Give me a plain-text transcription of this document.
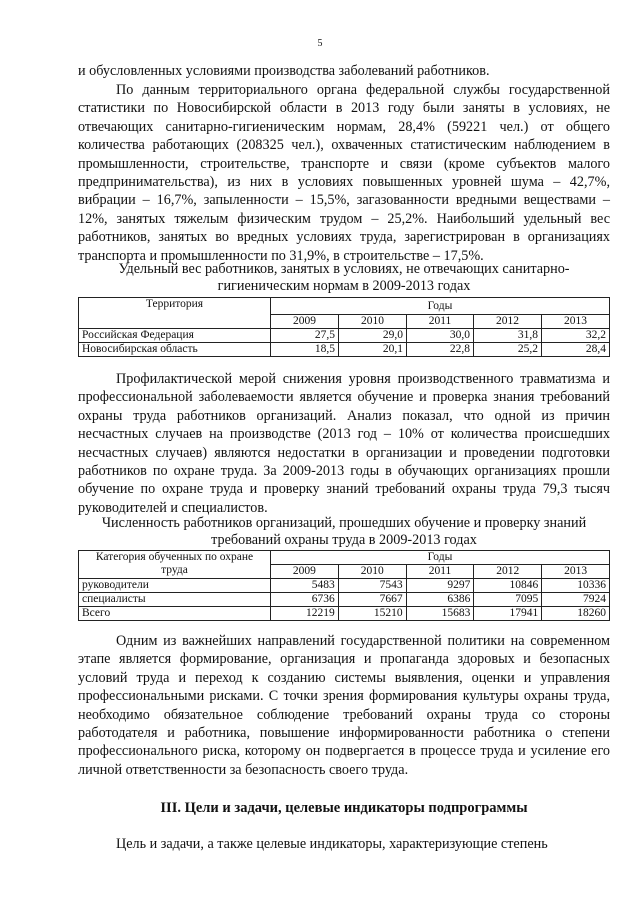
5

и обусловленных условиями производства заболеваний работников.

По данным территориального органа федеральной службы государственной статистики по Новосибирской области в 2013 году были заняты в условиях, не отвечающих санитарно-гигиеническим нормам, 28,4% (59221 чел.) от общего количества работающих (208325 чел.), охваченных статистическим наблюдением в промышленности, строительстве, транспорте и связи (кроме субъектов малого предпринимательства), из них в условиях повышенных уровней шума – 42,7%, вибрации – 16,7%, запыленности – 15,5%, загазованности вредными веществами – 12%, занятых тяжелым физическим трудом – 25,2%. Наибольший удельный вес работников, занятых во вредных условиях труда, зарегистрирован в организациях транспорта и промышленности по 31,9%, в строительстве – 17,5%.

Удельный вес работников, занятых в условиях, не отвечающих санитарно-гигиеническим нормам в 2009-2013 годах

Территория	Годы				
	2009	2010	2011	2012	2013
Российская Федерация	27,5	29,0	30,0	31,8	32,2
Новосибирская область	18,5	20,1	22,8	25,2	28,4

Профилактической мерой снижения уровня производственного травматизма и профессиональной заболеваемости является обучение и проверка знания требований охраны труда работников организаций. Анализ показал, что одной из причин несчастных случаев на производстве (2013 год – 10% от количества происшедших несчастных случаев) являются недостатки в организации и проведении подготовки работников по охране труда. За 2009-2013 годы в обучающих организациях прошли обучение по охране труда и проверку знаний требований охраны труда 79,3 тысяч руководителей и специалистов.

Численность работников организаций, прошедших обучение и проверку знаний требований охраны труда в 2009-2013 годах

Категория обученных по охране труда	Годы				
	2009	2010	2011	2012	2013
руководители	5483	7543	9297	10846	10336
специалисты	6736	7667	6386	7095	7924
Всего	12219	15210	15683	17941	18260

Одним из важнейших направлений государственной политики на современном этапе является формирование, организация и пропаганда здоровых и безопасных условий труда и переход к созданию системы выявления, оценки и управления профессиональными рисками. С точки зрения формирования культуры охраны труда, необходимо обязательное соблюдение требований охраны труда со стороны работодателя и работника, повышение информированности работника о степени профессионального риска, которому он подвергается в процессе труда и усиление его личной ответственности за безопасность своего труда.

III. Цели и задачи, целевые индикаторы подпрограммы

Цель и задачи, а также целевые индикаторы, характеризующие степень
